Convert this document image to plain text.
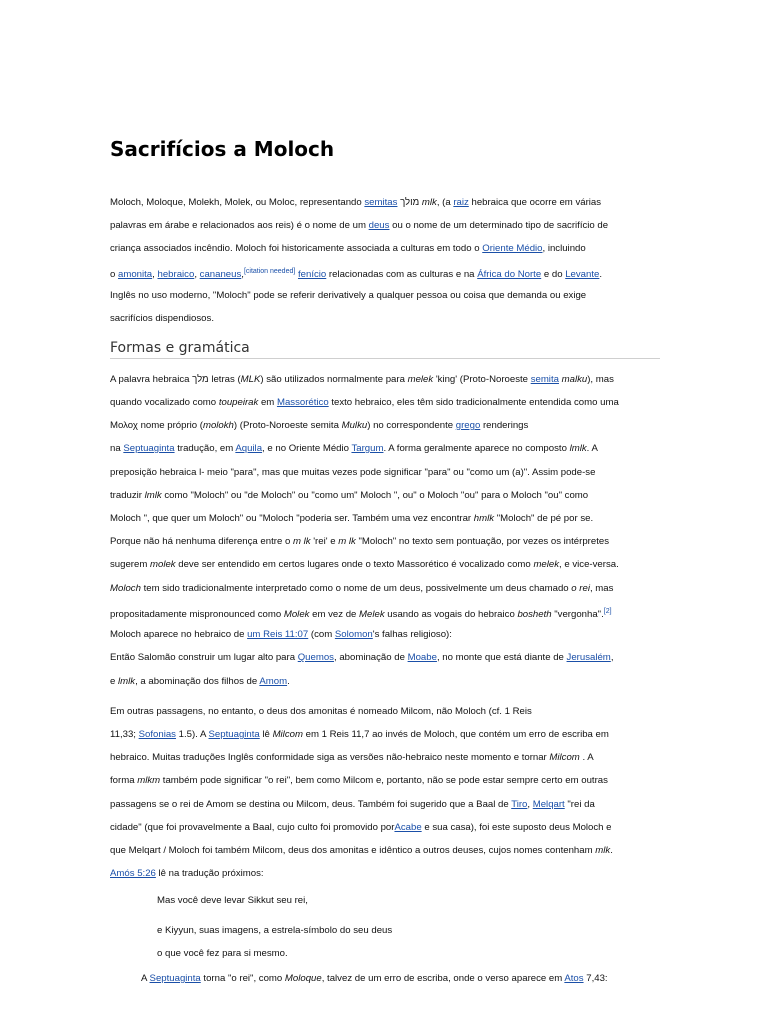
Sacrifícios a Moloch

Moloch, Moloque, Molekh, Molek, ou Moloc, representando semitas מולך mlk, (a raiz hebraica que ocorre em várias

palavras em árabe e relacionados aos reis) é o nome de um deus ou o nome de um determinado tipo de sacrifício de

criança associados incêndio. Moloch foi historicamente associada a culturas em todo o Oriente Médio, incluindo

o amonita, hebraico, cananeus,[citation needed] fenício relacionadas com as culturas e na África do Norte e do Levante.

Inglês no uso moderno, "Moloch" pode se referir derivatively a qualquer pessoa ou coisa que demanda ou exige

sacrifícios dispendiosos.

Formas e gramática

A palavra hebraica מלך letras (MLK) são utilizados normalmente para melek 'king' (Proto-Noroeste semita malku), mas

quando vocalizado como toupeirak em Massorético texto hebraico, eles têm sido tradicionalmente entendida como uma

Μολοχ nome próprio (molokh) (Proto-Noroeste semita Mulku) no correspondente grego renderings

na Septuaginta tradução, em Aquila, e no Oriente Médio Targum. A forma geralmente aparece no composto lmlk. A

preposição hebraica l- meio "para", mas que muitas vezes pode significar "para" ou "como um (a)". Assim pode-se

traduzir lmlk como "Moloch" ou "de Moloch" ou "como um" Moloch ", ou" o Moloch "ou" para o Moloch "ou" como

Moloch ", que quer um Moloch" ou "Moloch "poderia ser. Também uma vez encontrar hmlk "Moloch" de pé por se.

Porque não há nenhuma diferença entre o m lk 'rei' e m lk "Moloch" no texto sem pontuação, por vezes os intérpretes

sugerem molek deve ser entendido em certos lugares onde o texto Massorético é vocalizado como melek, e vice-versa.

Moloch tem sido tradicionalmente interpretado como o nome de um deus, possivelmente um deus chamado o rei, mas

propositadamente mispronounced como Molek em vez de Melek usando as vogais do hebraico bosheth "vergonha".[2]

Moloch aparece no hebraico de um Reis 11:07 (com Solomon's falhas religioso):

Então Salomão construir um lugar alto para Quemos, abominação de Moabe, no monte que está diante de Jerusalém,

e lmlk, a abominação dos filhos de Amom.

Em outras passagens, no entanto, o deus dos amonitas é nomeado Milcom, não Moloch (cf. 1 Reis

11,33; Sofonias 1.5). A Septuaginta lê Milcom em 1 Reis 11,7 ao invés de Moloch, que contém um erro de escriba em

hebraico. Muitas traduções Inglês conformidade siga as versões não-hebraico neste momento e tornar Milcom . A

forma mlkm também pode significar "o rei", bem como Milcom e, portanto, não se pode estar sempre certo em outras

passagens se o rei de Amom se destina ou Milcom, deus. Também foi sugerido que a Baal de Tiro, Melqart "rei da

cidade" (que foi provavelmente a Baal, cujo culto foi promovido porAcabe e sua casa), foi este suposto deus Moloch e

que Melqart / Moloch foi também Milcom, deus dos amonitas e idêntico a outros deuses, cujos nomes contenham mlk.

Amós 5:26 lê na tradução próximos:

Mas você deve levar Sikkut seu rei,

e Kiyyun, suas imagens, a estrela-símbolo do seu deus

o que você fez para si mesmo.

A Septuaginta torna "o rei", como Moloque, talvez de um erro de escriba, onde o verso aparece em Atos 7,43:
